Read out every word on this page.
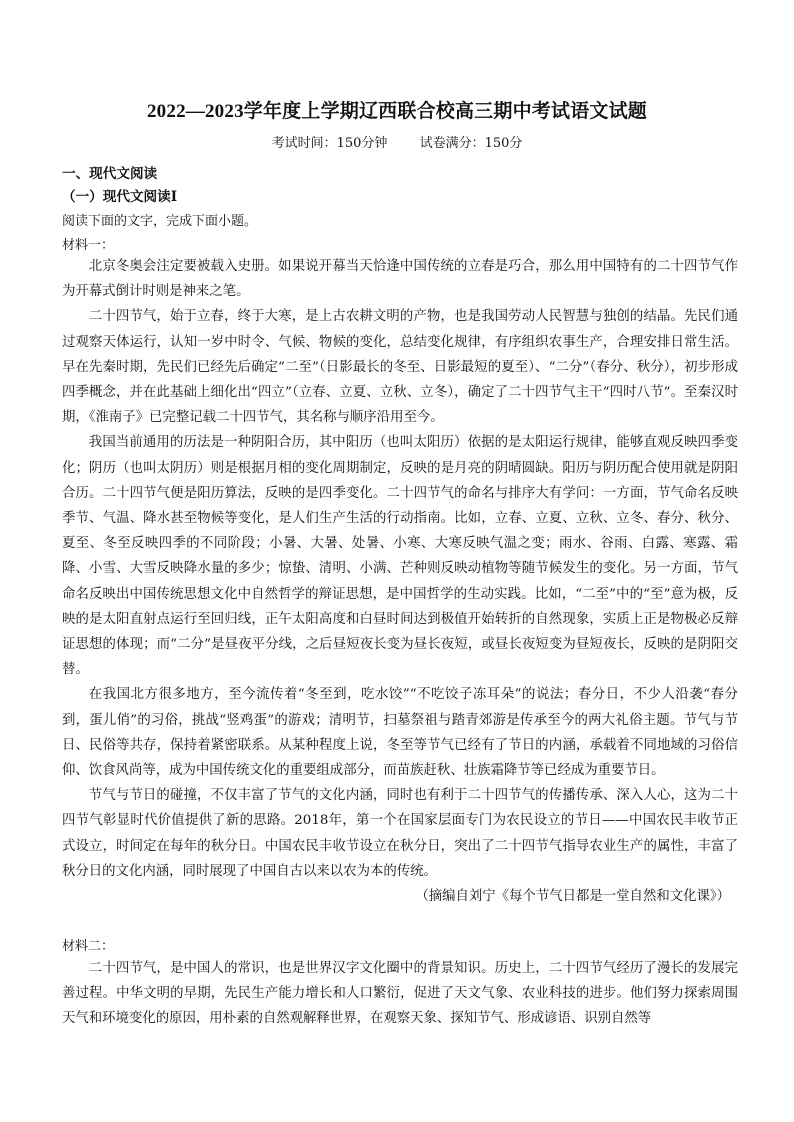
2022—2023学年度上学期辽西联合校高三期中考试语文试题
考试时间：150分钟 试卷满分：150分
一、现代文阅读
（一）现代文阅读Ⅰ
阅读下面的文字，完成下面小题。
材料一：

北京冬奥会注定要被载入史册。如果说开幕当天恰逢中国传统的立春是巧合，那么用中国特有的二十四节气作为开幕式倒计时则是神来之笔。

二十四节气，始于立春，终于大寒，是上古农耕文明的产物，也是我国劳动人民智慧与独创的结晶。先民们通过观察天体运行，认知一岁中时令、气候、物候的变化，总结变化规律，有序组织农事生产，合理安排日常生活。早在先秦时期，先民们已经先后确定“二至”（日影最长的冬至、日影最短的夏至）、“二分”（春分、秋分），初步形成四季概念，并在此基础上细化出“四立”（立春、立夏、立秋、立冬），确定了二十四节气主干“四时八节”。至秦汉时期，《淮南子》已完整记载二十四节气，其名称与顺序沿用至今。

我国当前通用的历法是一种阴阳合历，其中阳历（也叫太阳历）依据的是太阳运行规律，能够直观反映四季变化；阴历（也叫太阴历）则是根据月相的变化周期制定，反映的是月亮的阴晴圆缺。阳历与阴历配合使用就是阴阳合历。二十四节气便是阳历算法，反映的是四季变化。二十四节气的命名与排序大有学问：一方面，节气命名反映季节、气温、降水甚至物候等变化，是人们生产生活的行动指南。比如，立春、立夏、立秋、立冬、春分、秋分、夏至、冬至反映四季的不同阶段；小暑、大暑、处暑、小寒、大寒反映气温之变；雨水、谷雨、白露、寒露、霜降、小雪、大雪反映降水量的多少；惊蛰、清明、小满、芒种则反映动植物等随节候发生的变化。另一方面，节气命名反映出中国传统思想文化中自然哲学的辩证思想，是中国哲学的生动实践。比如，“二至”中的“至”意为极，反映的是太阳直射点运行至回归线，正午太阳高度和白昼时间达到极值开始转折的自然现象，实质上正是物极必反辩证思想的体现；而“二分”是昼夜平分线，之后昼短夜长变为昼长夜短，或昼长夜短变为昼短夜长，反映的是阴阳交替。

在我国北方很多地方，至今流传着“冬至到，吃水饺”“不吃饺子冻耳朵”的说法；春分日，不少人沿袭“春分到，蛋儿俏”的习俗，挑战“竖鸡蛋”的游戏；清明节，扫墓祭祖与踏青郊游是传承至今的两大礼俗主题。节气与节日、民俗等共存，保持着紧密联系。从某种程度上说，冬至等节气已经有了节日的内涵，承载着不同地域的习俗信仰、饮食风尚等，成为中国传统文化的重要组成部分，而苗族赶秋、壮族霜降节等已经成为重要节日。

节气与节日的碰撞，不仅丰富了节气的文化内涵，同时也有利于二十四节气的传播传承、深入人心，这为二十四节气彰显时代价值提供了新的思路。2018年，第一个在国家层面专门为农民设立的节日——中国农民丰收节正式设立，时间定在每年的秋分日。中国农民丰收节设立在秋分日，突出了二十四节气指导农业生产的属性，丰富了秋分日的文化内涵，同时展现了中国自古以来以农为本的传统。

（摘编自刘宁《每个节气日都是一堂自然和文化课》）

材料二：

二十四节气，是中国人的常识，也是世界汉字文化圈中的背景知识。历史上，二十四节气经历了漫长的发展完善过程。中华文明的早期，先民生产能力增长和人口繁衍，促进了天文气象、农业科技的进步。他们努力探索周围天气和环境变化的原因，用朴素的自然观解释世界，在观察天象、探知节气、形成谚语、识别自然等
